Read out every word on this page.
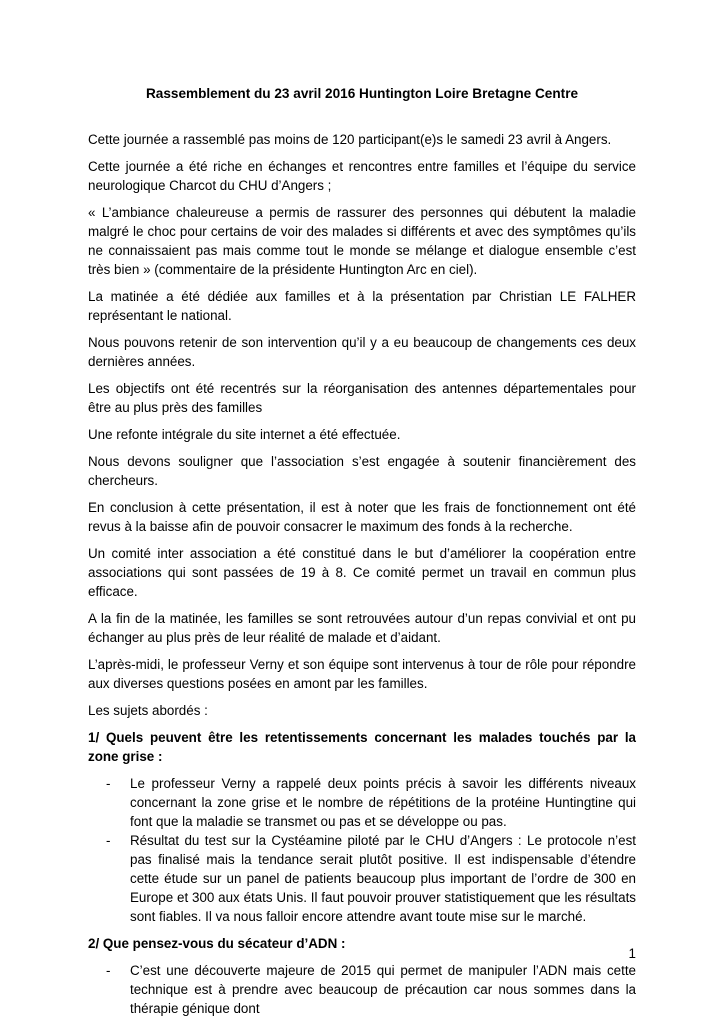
Rassemblement du 23 avril 2016 Huntington Loire Bretagne Centre

Cette journée a rassemblé pas moins de 120 participant(e)s le samedi 23 avril à Angers.

Cette journée a été riche en échanges et rencontres entre familles et l’équipe du service neurologique Charcot du CHU d’Angers ;

« L’ambiance chaleureuse a permis de rassurer des personnes qui débutent la maladie malgré le choc pour certains de voir des malades si différents et avec des symptômes qu’ils ne connaissaient pas mais comme tout le monde se mélange et dialogue ensemble c’est très bien » (commentaire de la présidente Huntington Arc en ciel).

La matinée a été dédiée aux familles et à la présentation par Christian LE FALHER représentant le national.

Nous pouvons retenir de son intervention qu’il y a eu beaucoup de changements ces deux dernières années.

Les objectifs ont été recentrés sur la réorganisation des antennes départementales pour être au plus près des familles

Une refonte intégrale du site internet a été effectuée.

Nous devons souligner que l’association s’est engagée à soutenir financièrement des chercheurs.

En conclusion à cette présentation, il est à noter que les frais de fonctionnement ont été revus à la baisse afin de pouvoir consacrer le maximum des fonds à la recherche.

Un comité inter association a été constitué dans le but d’améliorer la coopération entre associations qui sont passées de 19 à 8. Ce comité permet un travail en commun plus efficace.

A la fin de la matinée, les familles se sont retrouvées autour d’un repas convivial et ont pu échanger au plus près de leur réalité de malade et d’aidant.

L’après-midi, le professeur Verny et son équipe sont intervenus à tour de rôle pour répondre aux diverses questions posées en amont par les familles.

Les sujets abordés :

1/ Quels peuvent être les retentissements concernant les malades touchés par la zone grise :

-	Le professeur Verny a rappelé deux points précis à savoir les différents niveaux concernant la zone grise et le nombre de répétitions de la protéine Huntingtine qui font que la maladie se transmet ou pas et se développe ou pas.
-	Résultat du test sur la Cystéamine piloté par le CHU d’Angers : Le protocole n’est pas finalisé mais la tendance serait plutôt positive. Il est indispensable d’étendre cette étude sur un panel de patients beaucoup plus important de l’ordre de 300 en Europe et 300 aux états Unis. Il faut pouvoir prouver statistiquement que les résultats sont fiables. Il va nous falloir encore attendre avant toute mise sur le marché.

2/ Que pensez-vous du sécateur d’ADN :

-	C’est une découverte majeure de 2015 qui permet de manipuler l’ADN mais cette technique est à prendre avec beaucoup de précaution car nous sommes dans la thérapie génique dont
1
